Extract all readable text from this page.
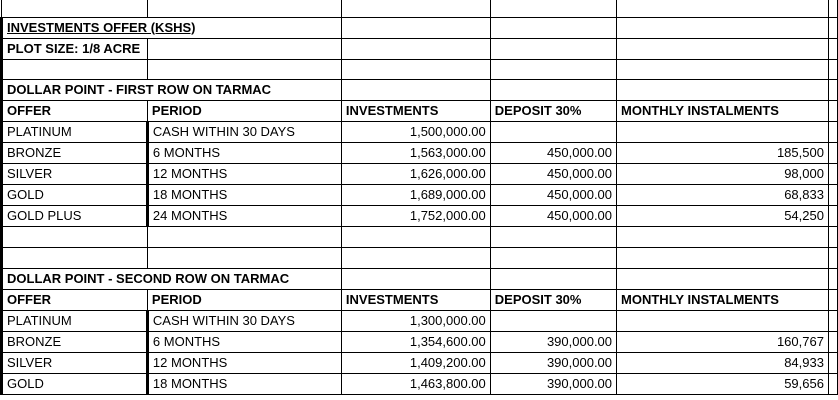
INVESTMENTS OFFER (KSHS)					
PLOT SIZE: 1/8 ACRE					

DOLLAR POINT - FIRST ROW ON TARMAC					
OFFER	PERIOD	INVESTMENTS	DEPOSIT 30%	MONTHLY INSTALMENTS	
PLATINUM	CASH WITHIN 30 DAYS	1,500,000.00			
BRONZE	6 MONTHS	1,563,000.00	450,000.00	185,500	
SILVER	12 MONTHS	1,626,000.00	450,000.00	98,000	
GOLD	18 MONTHS	1,689,000.00	450,000.00	68,833	
GOLD PLUS	24 MONTHS	1,752,000.00	450,000.00	54,250	

DOLLAR POINT - SECOND ROW ON TARMAC					
OFFER	PERIOD	INVESTMENTS	DEPOSIT 30%	MONTHLY INSTALMENTS	
PLATINUM	CASH WITHIN 30 DAYS	1,300,000.00			
BRONZE	6 MONTHS	1,354,600.00	390,000.00	160,767	
SILVER	12 MONTHS	1,409,200.00	390,000.00	84,933	
GOLD	18 MONTHS	1,463,800.00	390,000.00	59,656	
